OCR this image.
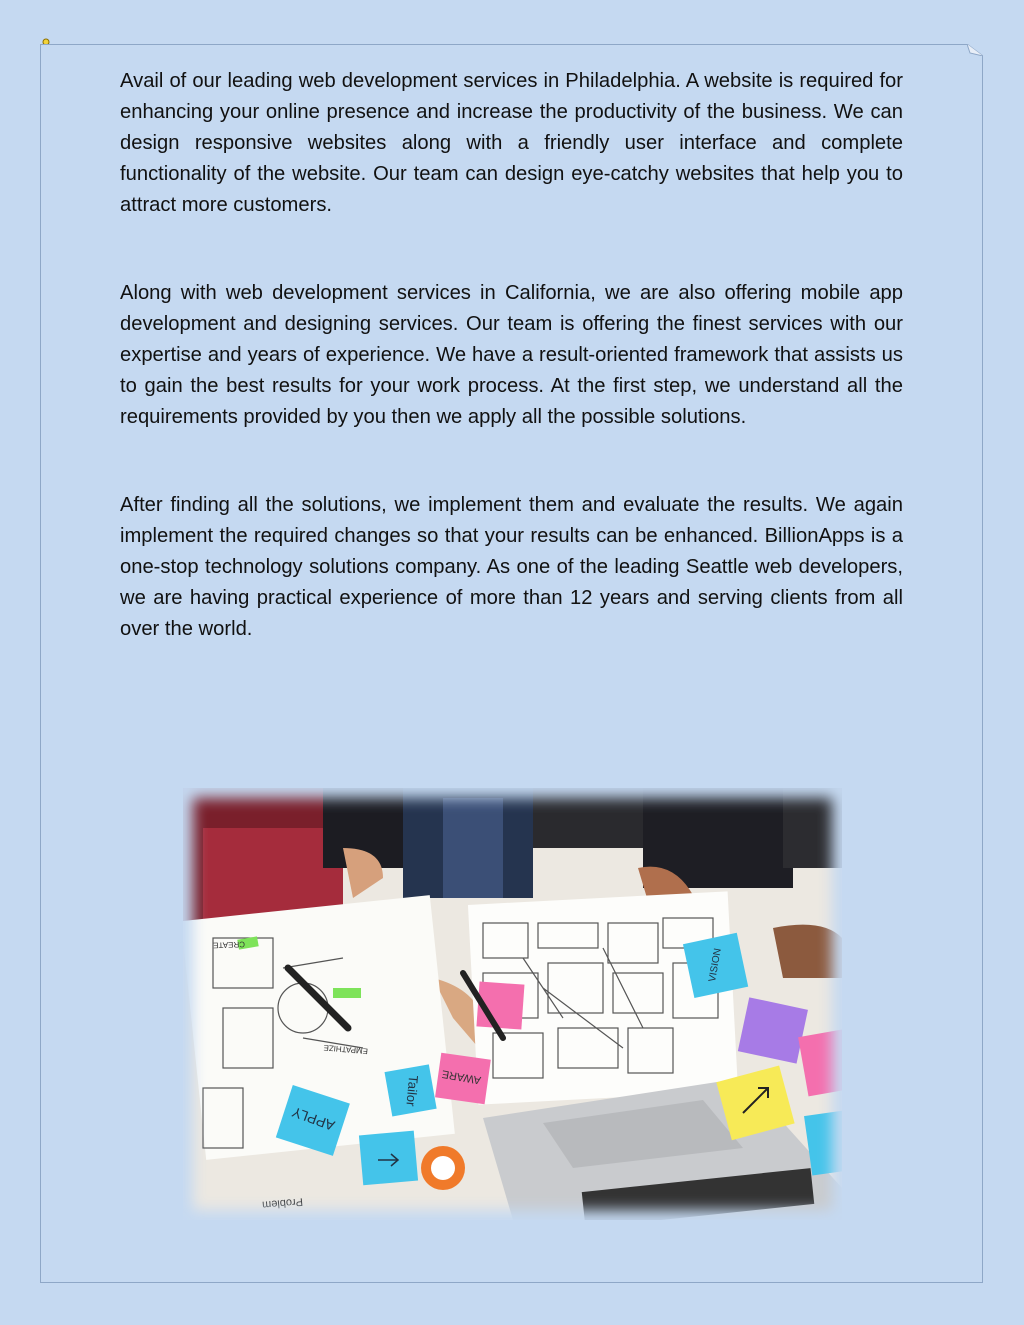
Avail of our leading web development services in Philadelphia. A website is required for enhancing your online presence and increase the productivity of the business. We can design responsive websites along with a friendly user interface and complete functionality of the website. Our team can design eye-catchy websites that help you to attract more customers.

Along with web development services in California, we are also offering mobile app development and designing services. Our team is offering the finest services with our expertise and years of experience. We have a result-oriented framework that assists us to gain the best results for your work process. At the first step, we understand all the requirements provided by you then we apply all the possible solutions.

After finding all the solutions, we implement them and evaluate the results. We again implement the required changes so that your results can be enhanced. BillionApps is a one-stop technology solutions company. As one of the leading Seattle web developers, we are having practical experience of more than 12 years and serving clients from all over the world.

CREATE
EMPATHIZE
Tailor AWARE
APPLY
Problem
VISION
